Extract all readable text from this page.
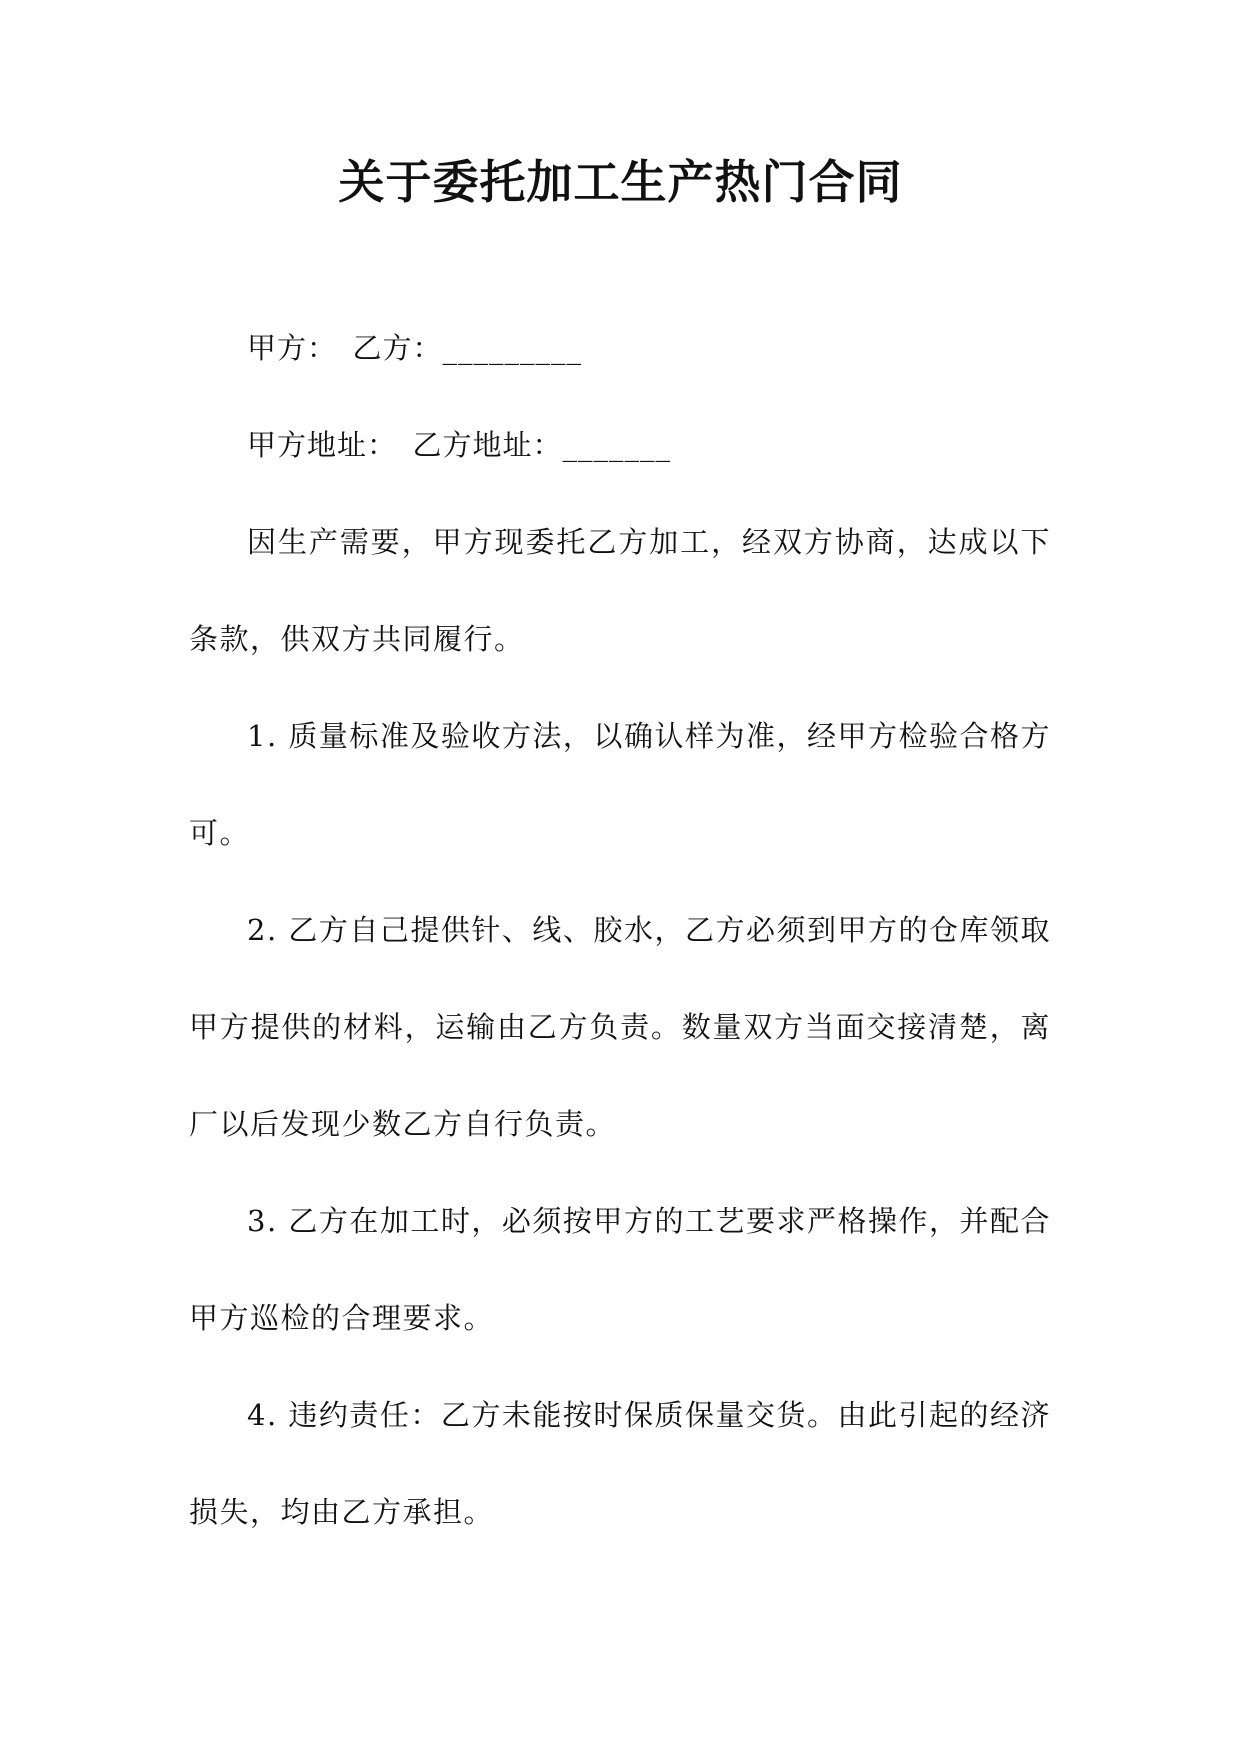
关于委托加工生产热门合同

甲方：　乙方：_________

甲方地址：　乙方地址：_______

因生产需要，甲方现委托乙方加工，经双方协商，达成以下条款，供双方共同履行。

1. 质量标准及验收方法，以确认样为准，经甲方检验合格方可。

2. 乙方自己提供针、线、胶水，乙方必须到甲方的仓库领取甲方提供的材料，运输由乙方负责。数量双方当面交接清楚，离厂以后发现少数乙方自行负责。

3. 乙方在加工时，必须按甲方的工艺要求严格操作，并配合甲方巡检的合理要求。

4. 违约责任：乙方未能按时保质保量交货。由此引起的经济损失，均由乙方承担。
